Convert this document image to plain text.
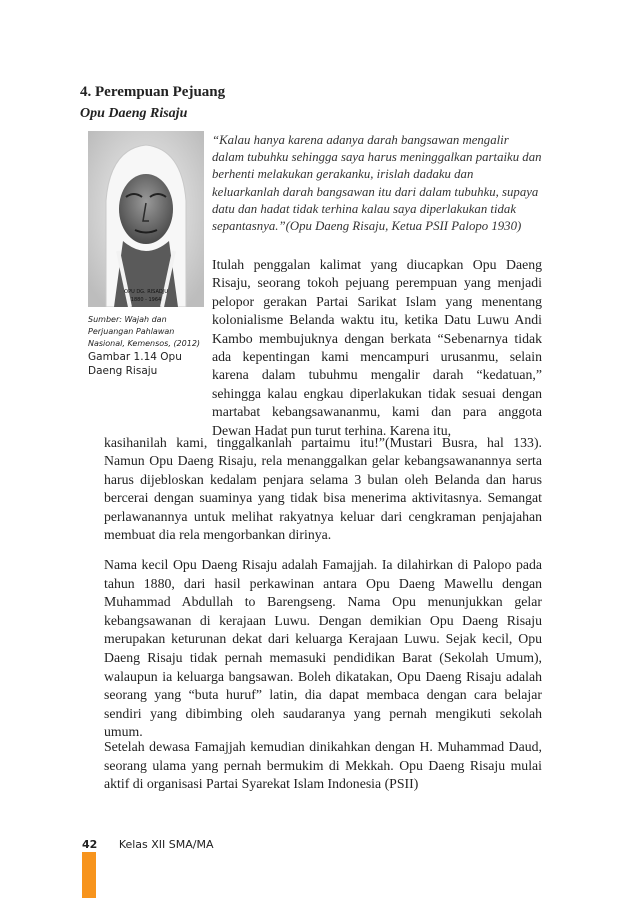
4. Perempuan Pejuang
Opu Daeng Risaju
OPU DG. RISADJU
1880 - 1964

Sumber: Wajah dan Perjuangan Pahlawan Nasional, Kemensos, (2012)

Gambar 1.14 Opu Daeng Risaju

“Kalau hanya karena adanya darah bangsawan mengalir dalam tubuhku sehingga saya harus meninggalkan partaiku dan berhenti melakukan gerakanku, irislah dadaku dan keluarkanlah darah bangsawan itu dari dalam tubuhku, supaya datu dan hadat tidak terhina kalau saya diperlakukan tidak sepantasnya.”(Opu Daeng Risaju, Ketua PSII Palopo 1930)

Itulah penggalan kalimat yang diucapkan Opu Daeng Risaju, seorang tokoh pejuang perempuan yang menjadi pelopor gerakan Partai Sarikat Islam yang menentang kolonialisme Belanda waktu itu, ketika Datu Luwu Andi Kambo membujuknya dengan berkata “Sebenarnya tidak ada kepentingan kami mencampuri urusanmu, selain karena dalam tubuhmu mengalir darah “kedatuan,” sehingga kalau engkau diperlakukan tidak sesuai dengan martabat kebangsawananmu, kami dan para anggota Dewan Hadat pun turut terhina. Karena itu,

kasihanilah kami, tinggalkanlah partaimu itu!”(Mustari Busra, hal 133). Namun Opu Daeng Risaju, rela menanggalkan gelar kebangsawanannya serta harus dijebloskan kedalam penjara selama 3 bulan oleh Belanda dan harus bercerai dengan suaminya yang tidak bisa menerima aktivitasnya. Semangat perlawanannya untuk melihat rakyatnya keluar dari cengkraman penjajahan membuat dia rela mengorbankan dirinya.

Nama kecil Opu Daeng Risaju adalah Famajjah. Ia dilahirkan di Palopo pada tahun 1880, dari hasil perkawinan antara Opu Daeng Mawellu dengan Muhammad Abdullah to Barengseng. Nama Opu menunjukkan gelar kebangsawanan di kerajaan Luwu. Dengan demikian Opu Daeng Risaju merupakan keturunan dekat dari keluarga Kerajaan Luwu. Sejak kecil, Opu Daeng Risaju tidak pernah memasuki pendidikan Barat (Sekolah Umum), walaupun ia keluarga bangsawan. Boleh dikatakan, Opu Daeng Risaju adalah seorang yang “buta huruf” latin, dia dapat membaca dengan cara belajar sendiri yang dibimbing oleh saudaranya yang pernah mengikuti sekolah umum.

Setelah dewasa Famajjah kemudian dinikahkan dengan H. Muhammad Daud, seorang ulama yang pernah bermukim di Mekkah. Opu Daeng Risaju mulai aktif di organisasi Partai Syarekat Islam Indonesia (PSII)

42 Kelas XII SMA/MA
